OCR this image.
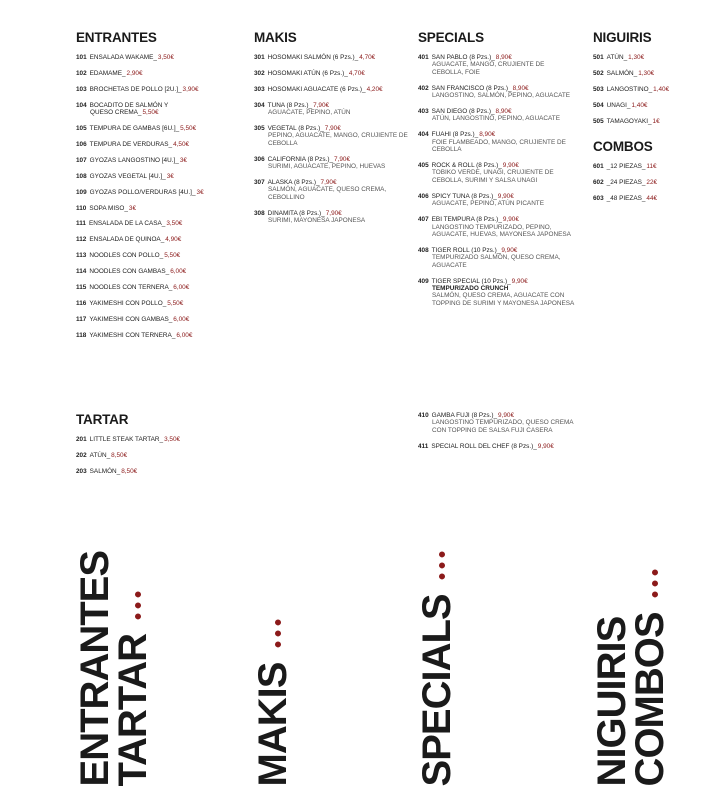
ENTRANTES
101 ENSALADA WAKAME_3,50€
102 EDAMAME_2,90€
103 BROCHETAS DE POLLO [2U.]_3,90€
104 BOCADITO DE SALMÓN Y
QUESO CREMA_5,50€
105 TEMPURA DE GAMBAS [6U.]_5,50€
106 TEMPURA DE VERDURAS_4,50€
107 GYOZAS LANGOSTINO [4U.]_3€
108 GYOZAS VEGETAL [4U.]_3€
109 GYOZAS POLLO/VERDURAS [4U.]_3€
110 SOPA MISO_3€
111 ENSALADA DE LA CASA_3,50€
112 ENSALADA DE QUINOA_4,90€
113 NOODLES CON POLLO_5,50€
114 NOODLES CON GAMBAS_6,00€
115 NOODLES CON TERNERA_6,00€
116 YAKIMESHI CON POLLO_5,50€
117 YAKIMESHI CON GAMBAS_6,00€
118 YAKIMESHI CON TERNERA_6,00€
TARTAR
201 LITTLE STEAK TARTAR_3,50€
202 ATÚN_8,50€
203 SALMÓN_8,50€
MAKIS
301 HOSOMAKI SALMÓN (6 Pzs.)_4,70€
302 HOSOMAKI ATÚN (6 Pzs.)_4,70€
303 HOSOMAKI AGUACATE (6 Pzs.)_4,20€
304 TUNA (8 Pzs.)_7,90€
AGUACATE, PEPINO, ATÚN
305 VEGETAL (8 Pzs.)_7,90€
PEPINO, AGUACATE, MANGO, CRUJIENTE DE CEBOLLA
306 CALIFORNIA (8 Pzs.)_7,90€
SURIMI, AGUACATE, PEPINO, HUEVAS
307 ALASKA (8 Pzs.)_7,90€
SALMÓN, AGUACATE, QUESO CREMA, CEBOLLINO
308 DINAMITA (8 Pzs.)_7,90€
SURIMI, MAYONESA JAPONESA
SPECIALS
401 SAN PABLO (8 Pzs.)_8,90€
AGUACATE, MANGO, CRUJIENTE DE CEBOLLA, FOIE
402 SAN FRANCISCO (8 Pzs.)_8,90€
LANGOSTINO, SALMÓN, PEPINO, AGUACATE
403 SAN DIEGO (8 Pzs.)_8,90€
ATÚN, LANGOSTINO, PEPINO, AGUACATE
404 FUAHI (8 Pzs.)_8,90€
FOIE FLAMBEADO, MANGO, CRUJIENTE DE CEBOLLA
405 ROCK & ROLL (8 Pzs.)_9,90€
TOBIKO VERDE, UNAGI, CRUJIENTE DE CEBOLLA, SURIMI Y SALSA UNAGI
406 SPICY TUNA (8 Pzs.)_9,90€
AGUACATE, PEPINO, ATÚN PICANTE
407 EBI TEMPURA (8 Pzs.)_9,90€
LANGOSTINO TEMPURIZADO, PEPINO, AGUACATE, HUEVAS, MAYONESA JAPONESA
408 TIGER ROLL (10 Pzs.)_9,90€
TEMPURIZADO SALMÓN, QUESO CREMA, AGUACATE
409 TIGER SPECIAL (10 Pzs.)_9,90€
TEMPURIZADO CRUNCH
SALMÓN, QUESO CREMA, AGUACATE CON TOPPING DE SURIMI Y MAYONESA JAPONESA
410 GAMBA FUJI (8 Pzs.)_9,90€
LANGOSTINO TEMPURIZADO, QUESO CREMA CON TOPPING DE SALSA FUJI CASERA
411 SPECIAL ROLL DEL CHEF (8 Pzs.)_9,90€
NIGUIRIS
501 ATÚN_1,30€
502 SALMÓN_1,30€
503 LANGOSTINO_1,40€
504 UNAGI_1,40€
505 TAMAGOYAKI_1€
COMBOS
601 _12 PIEZAS_11€
602 _24 PIEZAS_22€
603 _48 PIEZAS_44€
ENTRANTES
TARTAR MAKIS	SPECIALS	NIGUIRIS
COMBOS
